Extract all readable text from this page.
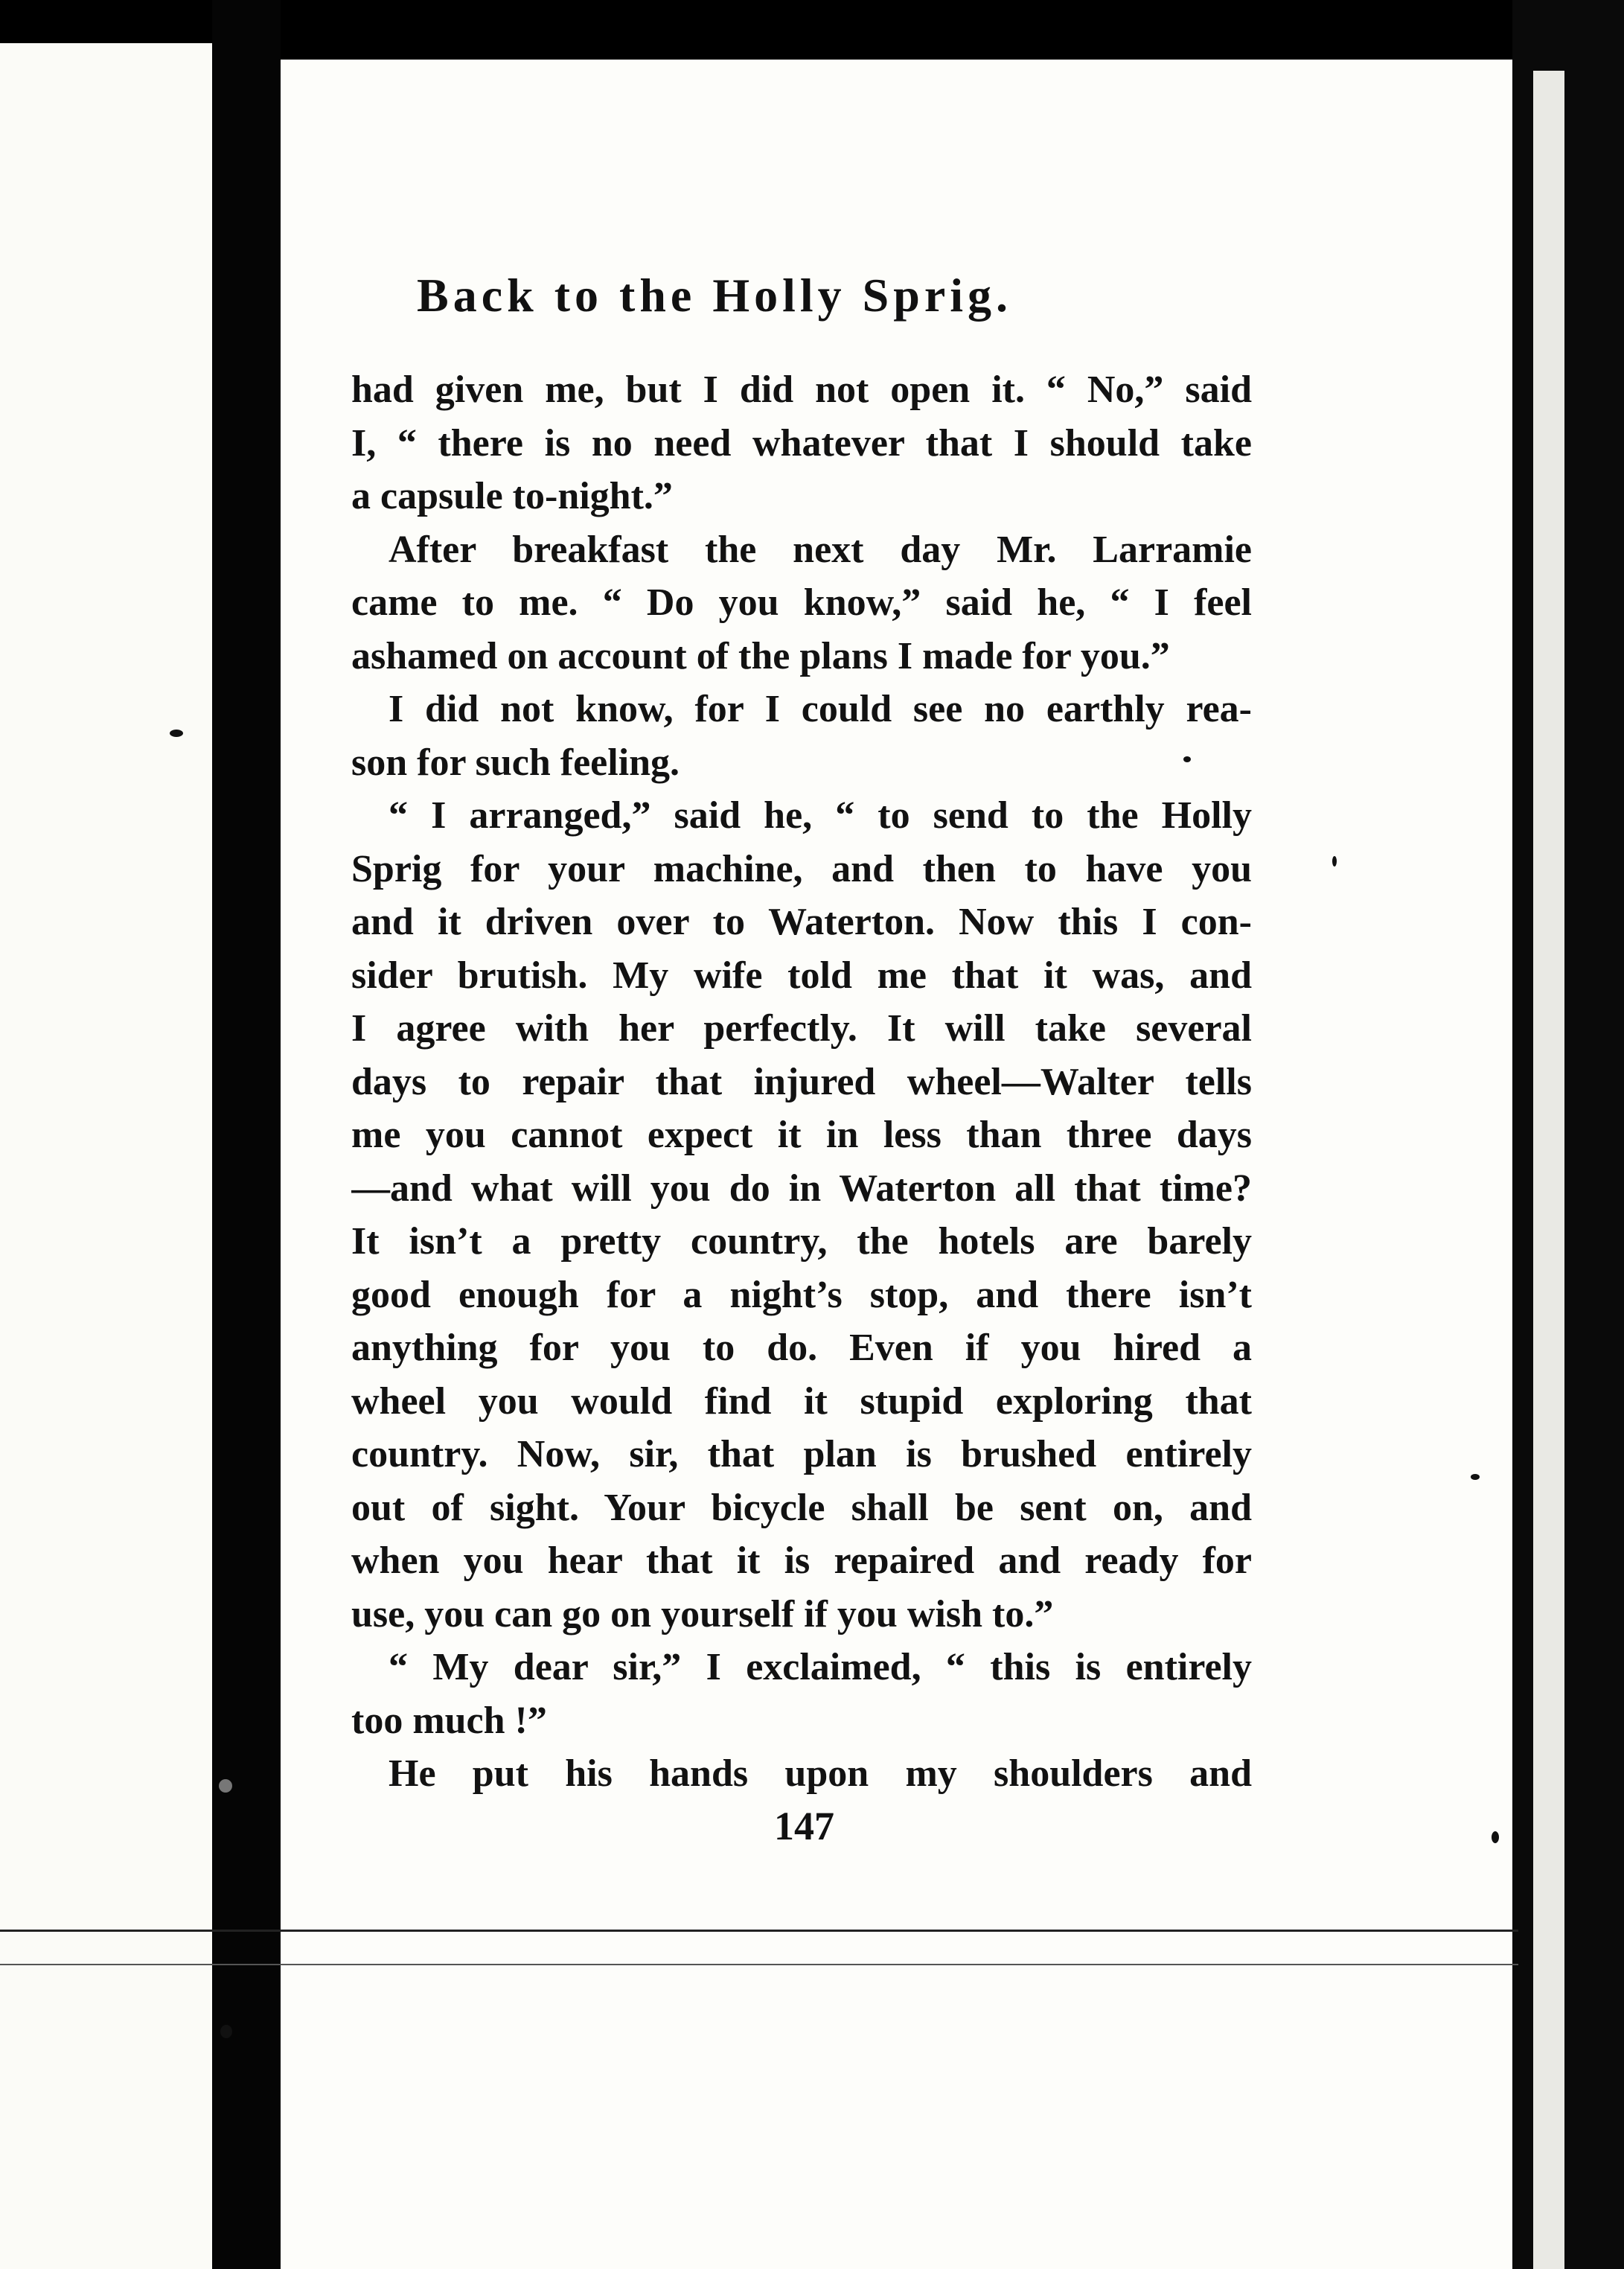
Back to the Holly Sprig.
had given me, but I did not open it. “ No,” said
I, “ there is no need whatever that I should take
a capsule to-night.”
After breakfast the next day Mr. Larramie
came to me. “ Do you know,” said he, “ I feel
ashamed on account of the plans I made for you.”
I did not know, for I could see no earthly rea-
son for such feeling.
“ I arranged,” said he, “ to send to the Holly
Sprig for your machine, and then to have you
and it driven over to Waterton. Now this I con-
sider brutish. My wife told me that it was, and
I agree with her perfectly. It will take several
days to repair that injured wheel—Walter tells
me you cannot expect it in less than three days
—and what will you do in Waterton all that time?
It isn’t a pretty country, the hotels are barely
good enough for a night’s stop, and there isn’t
anything for you to do. Even if you hired a
wheel you would find it stupid exploring that
country. Now, sir, that plan is brushed entirely
out of sight. Your bicycle shall be sent on, and
when you hear that it is repaired and ready for
use, you can go on yourself if you wish to.”
“ My dear sir,” I exclaimed, “ this is entirely
too much !”
He put his hands upon my shoulders and
147
